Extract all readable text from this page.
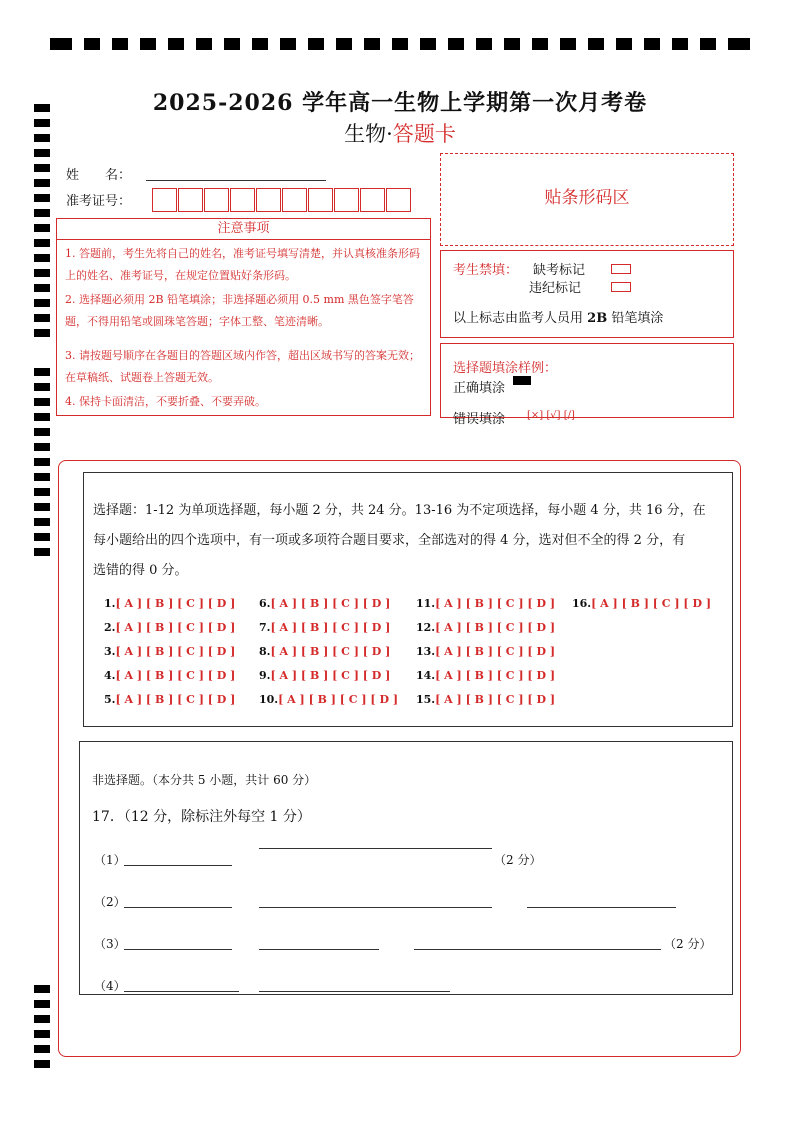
2025-2026 学年高一生物上学期第一次月考卷
生物·答题卡
姓　　名：
准考证号：
注意事项
1. 答题前，考生先将自己的姓名，准考证号填写清楚，并认真核准条形码上的姓名、准考证号，在规定位置贴好条形码。
2. 选择题必须用 2B 铅笔填涂；非选择题必须用 0.5 mm 黑色签字笔答题，不得用铅笔或圆珠笔答题；字体工整、笔迹清晰。
3. 请按题号顺序在各题目的答题区域内作答，超出区域书写的答案无效；在草稿纸、试题卷上答题无效。
4. 保持卡面清洁，不要折叠、不要弄破。
贴条形码区
考生禁填： 缺考标记
违纪标记
以上标志由监考人员用 2B 铅笔填涂
选择题填涂样例：
正确填涂
错误填涂 [×] [√] [/]
选择题：1-12 为单项选择题，每小题 2 分，共 24 分。13-16 为不定项选择，每小题 4 分，共 16 分，在
每小题给出的四个选项中，有一项或多项符合题目要求，全部选对的得 4 分，选对但不全的得 2 分，有
选错的得 0 分。
1.[ A ] [ B ] [ C ] [ D ]
2.[ A ] [ B ] [ C ] [ D ]
3.[ A ] [ B ] [ C ] [ D ]
4.[ A ] [ B ] [ C ] [ D ]
5.[ A ] [ B ] [ C ] [ D ]
6.[ A ] [ B ] [ C ] [ D ]
7.[ A ] [ B ] [ C ] [ D ]
8.[ A ] [ B ] [ C ] [ D ]
9.[ A ] [ B ] [ C ] [ D ]
10.[ A ] [ B ] [ C ] [ D ]
11.[ A ] [ B ] [ C ] [ D ]
12.[ A ] [ B ] [ C ] [ D ]
13.[ A ] [ B ] [ C ] [ D ]
14.[ A ] [ B ] [ C ] [ D ]
15.[ A ] [ B ] [ C ] [ D ]
16.[ A ] [ B ] [ C ] [ D ]
非选择题。（本分共 5 小题，共计 60 分）
17．（12 分，除标注外每空 1 分）
（1）	（2 分）
（2）
（3）	（2 分）
（4）
